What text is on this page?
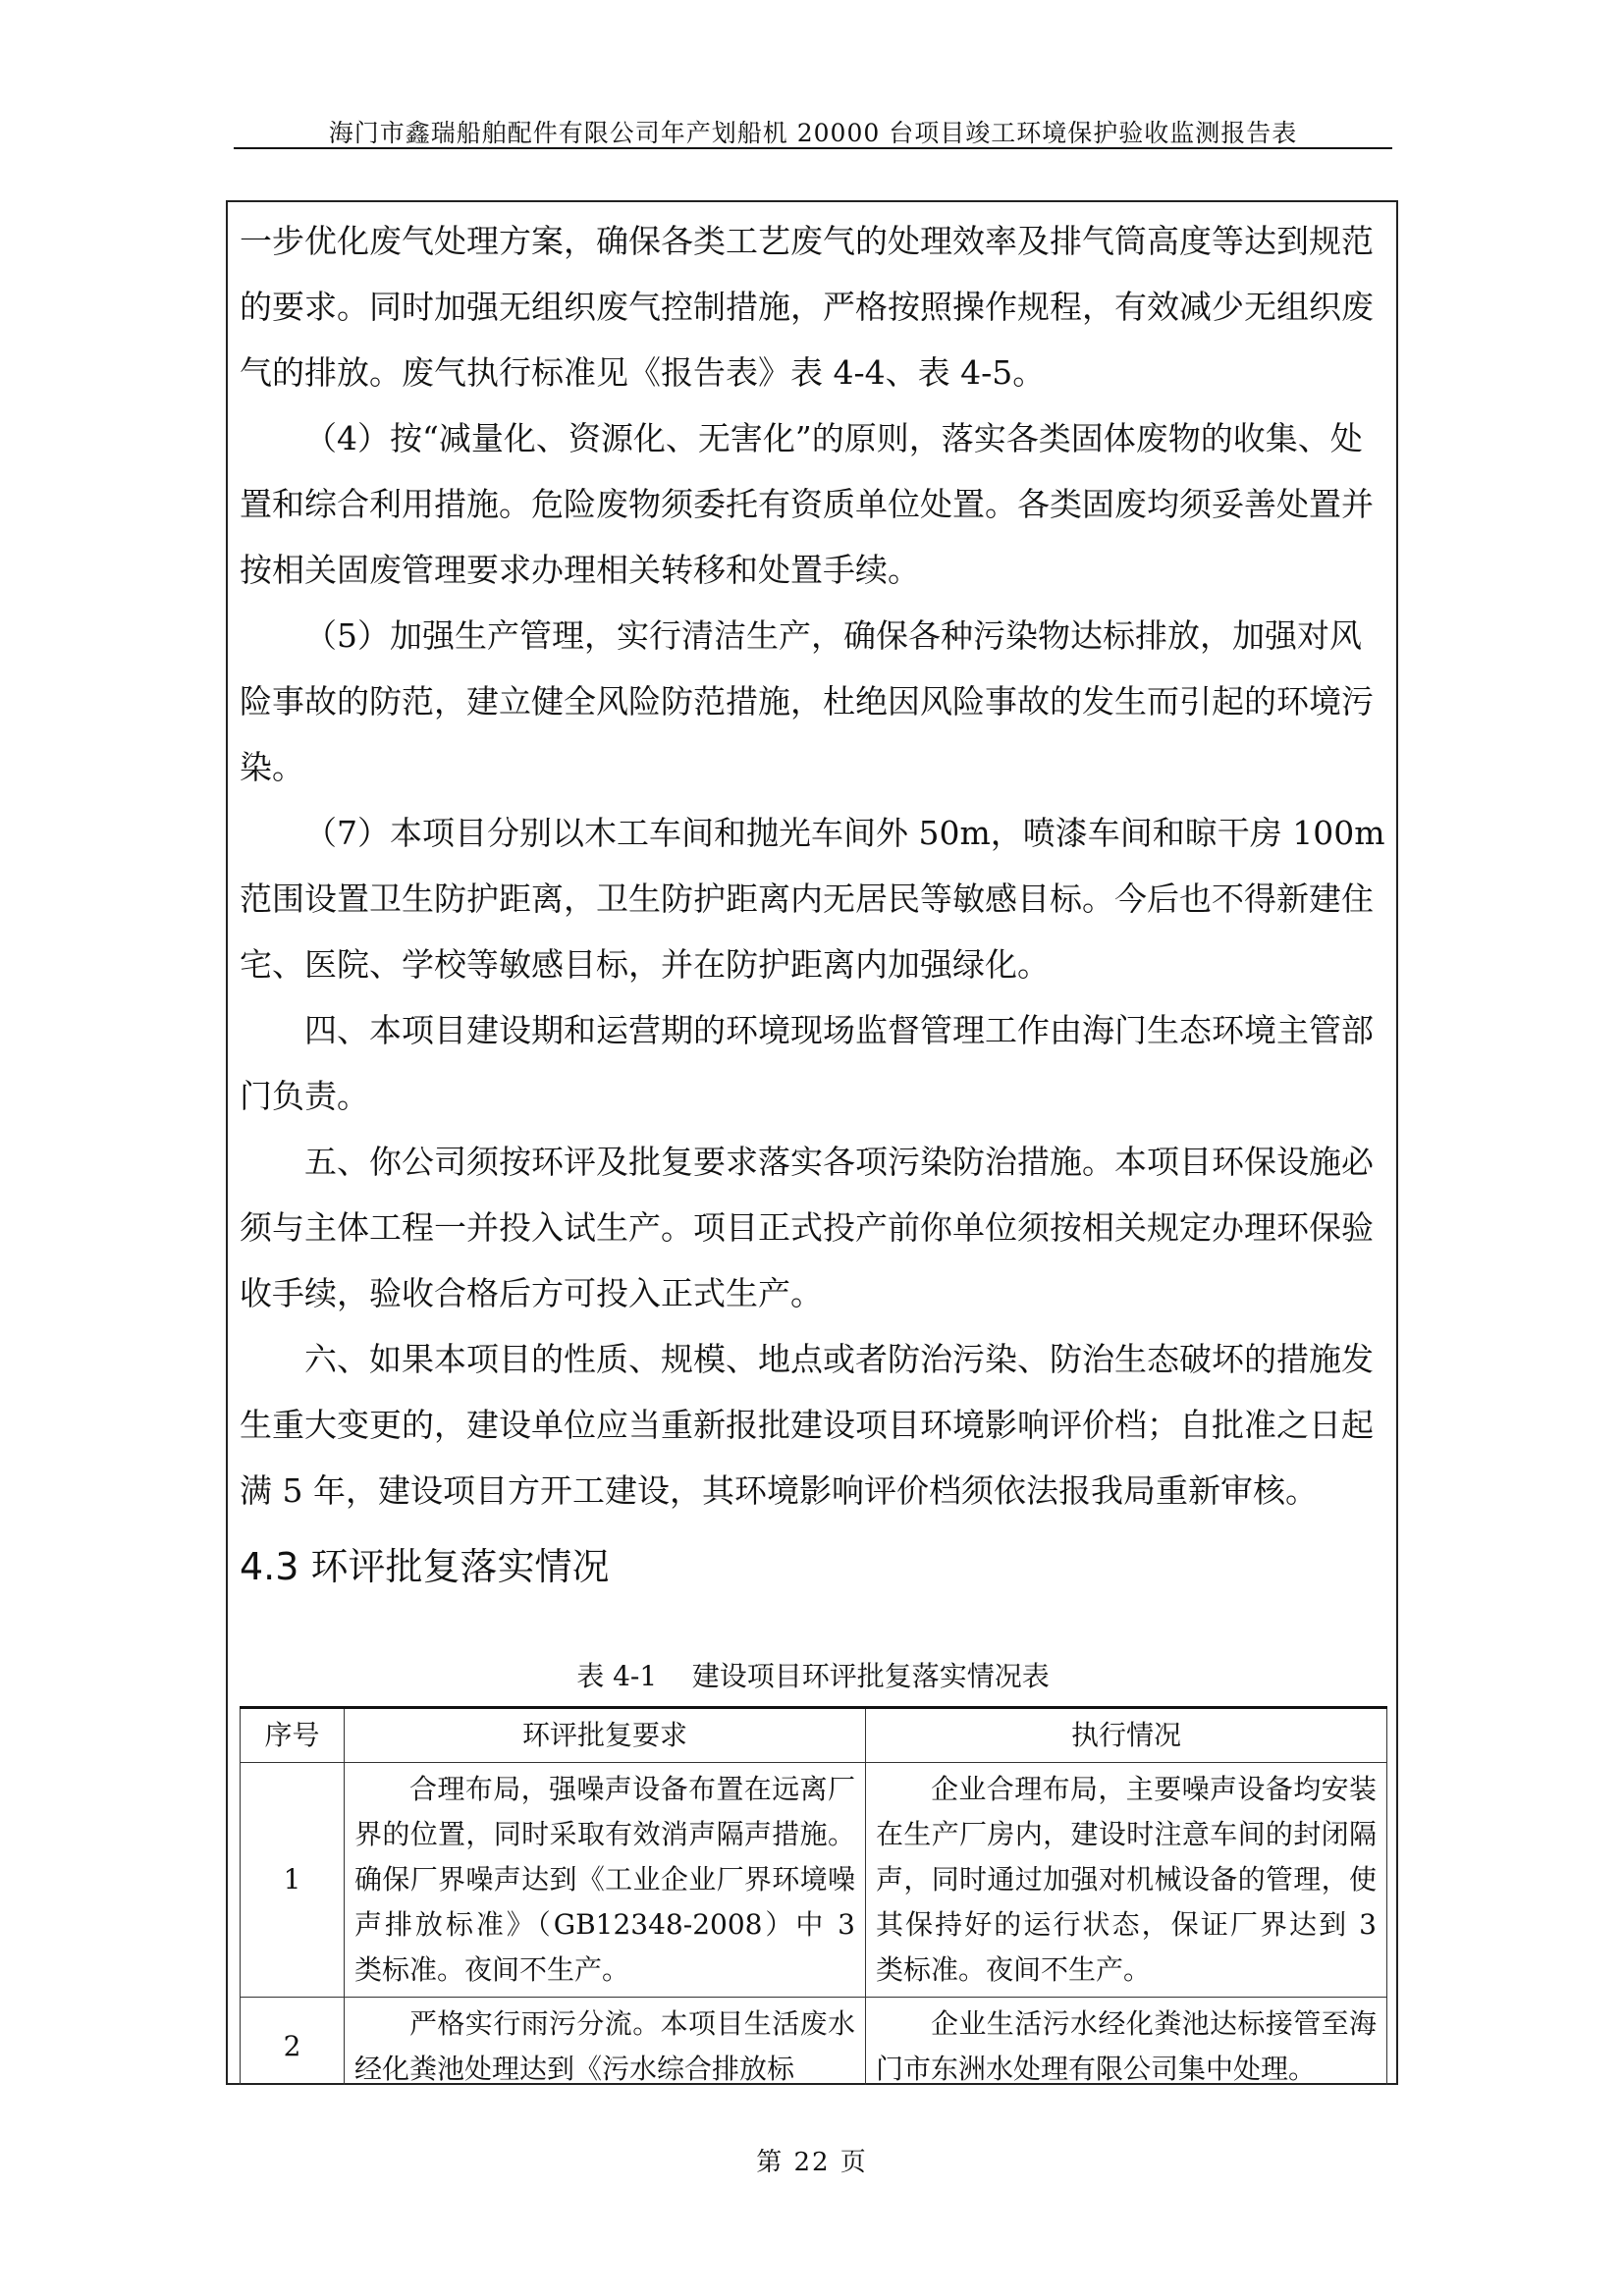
海门市鑫瑞船舶配件有限公司年产划船机 20000 台项目竣工环境保护验收监测报告表

一步优化废气处理方案，确保各类工艺废气的处理效率及排气筒高度等达到规范的要求。同时加强无组织废气控制措施，严格按照操作规程，有效减少无组织废气的排放。废气执行标准见《报告表》表 4-4、表 4-5。

（4）按“减量化、资源化、无害化”的原则，落实各类固体废物的收集、处置和综合利用措施。危险废物须委托有资质单位处置。各类固废均须妥善处置并按相关固废管理要求办理相关转移和处置手续。

（5）加强生产管理，实行清洁生产，确保各种污染物达标排放，加强对风险事故的防范，建立健全风险防范措施，杜绝因风险事故的发生而引起的环境污染。

（7）本项目分别以木工车间和抛光车间外 50m，喷漆车间和晾干房 100m 范围设置卫生防护距离，卫生防护距离内无居民等敏感目标。今后也不得新建住宅、医院、学校等敏感目标，并在防护距离内加强绿化。

四、本项目建设期和运营期的环境现场监督管理工作由海门生态环境主管部门负责。

五、你公司须按环评及批复要求落实各项污染防治措施。本项目环保设施必须与主体工程一并投入试生产。项目正式投产前你单位须按相关规定办理环保验收手续，验收合格后方可投入正式生产。

六、如果本项目的性质、规模、地点或者防治污染、防治生态破坏的措施发生重大变更的，建设单位应当重新报批建设项目环境影响评价档；自批准之日起满 5 年，建设项目方开工建设，其环境影响评价档须依法报我局重新审核。

4.3 环评批复落实情况
表 4-1    建设项目环评批复落实情况表
序号	环评批复要求	执行情况
1	合理布局，强噪声设备布置在远离厂界的位置，同时采取有效消声隔声措施。确保厂界噪声达到《工业企业厂界环境噪声排放标准》（GB12348-2008）中 3 类标准。夜间不生产。	企业合理布局，主要噪声设备均安装在生产厂房内，建设时注意车间的封闭隔声，同时通过加强对机械设备的管理，使其保持好的运行状态，保证厂界达到 3 类标准。夜间不生产。
2	严格实行雨污分流。本项目生活废水经化粪池处理达到《污水综合排放标	企业生活污水经化粪池达标接管至海门市东洲水处理有限公司集中处理。
第 22 页
